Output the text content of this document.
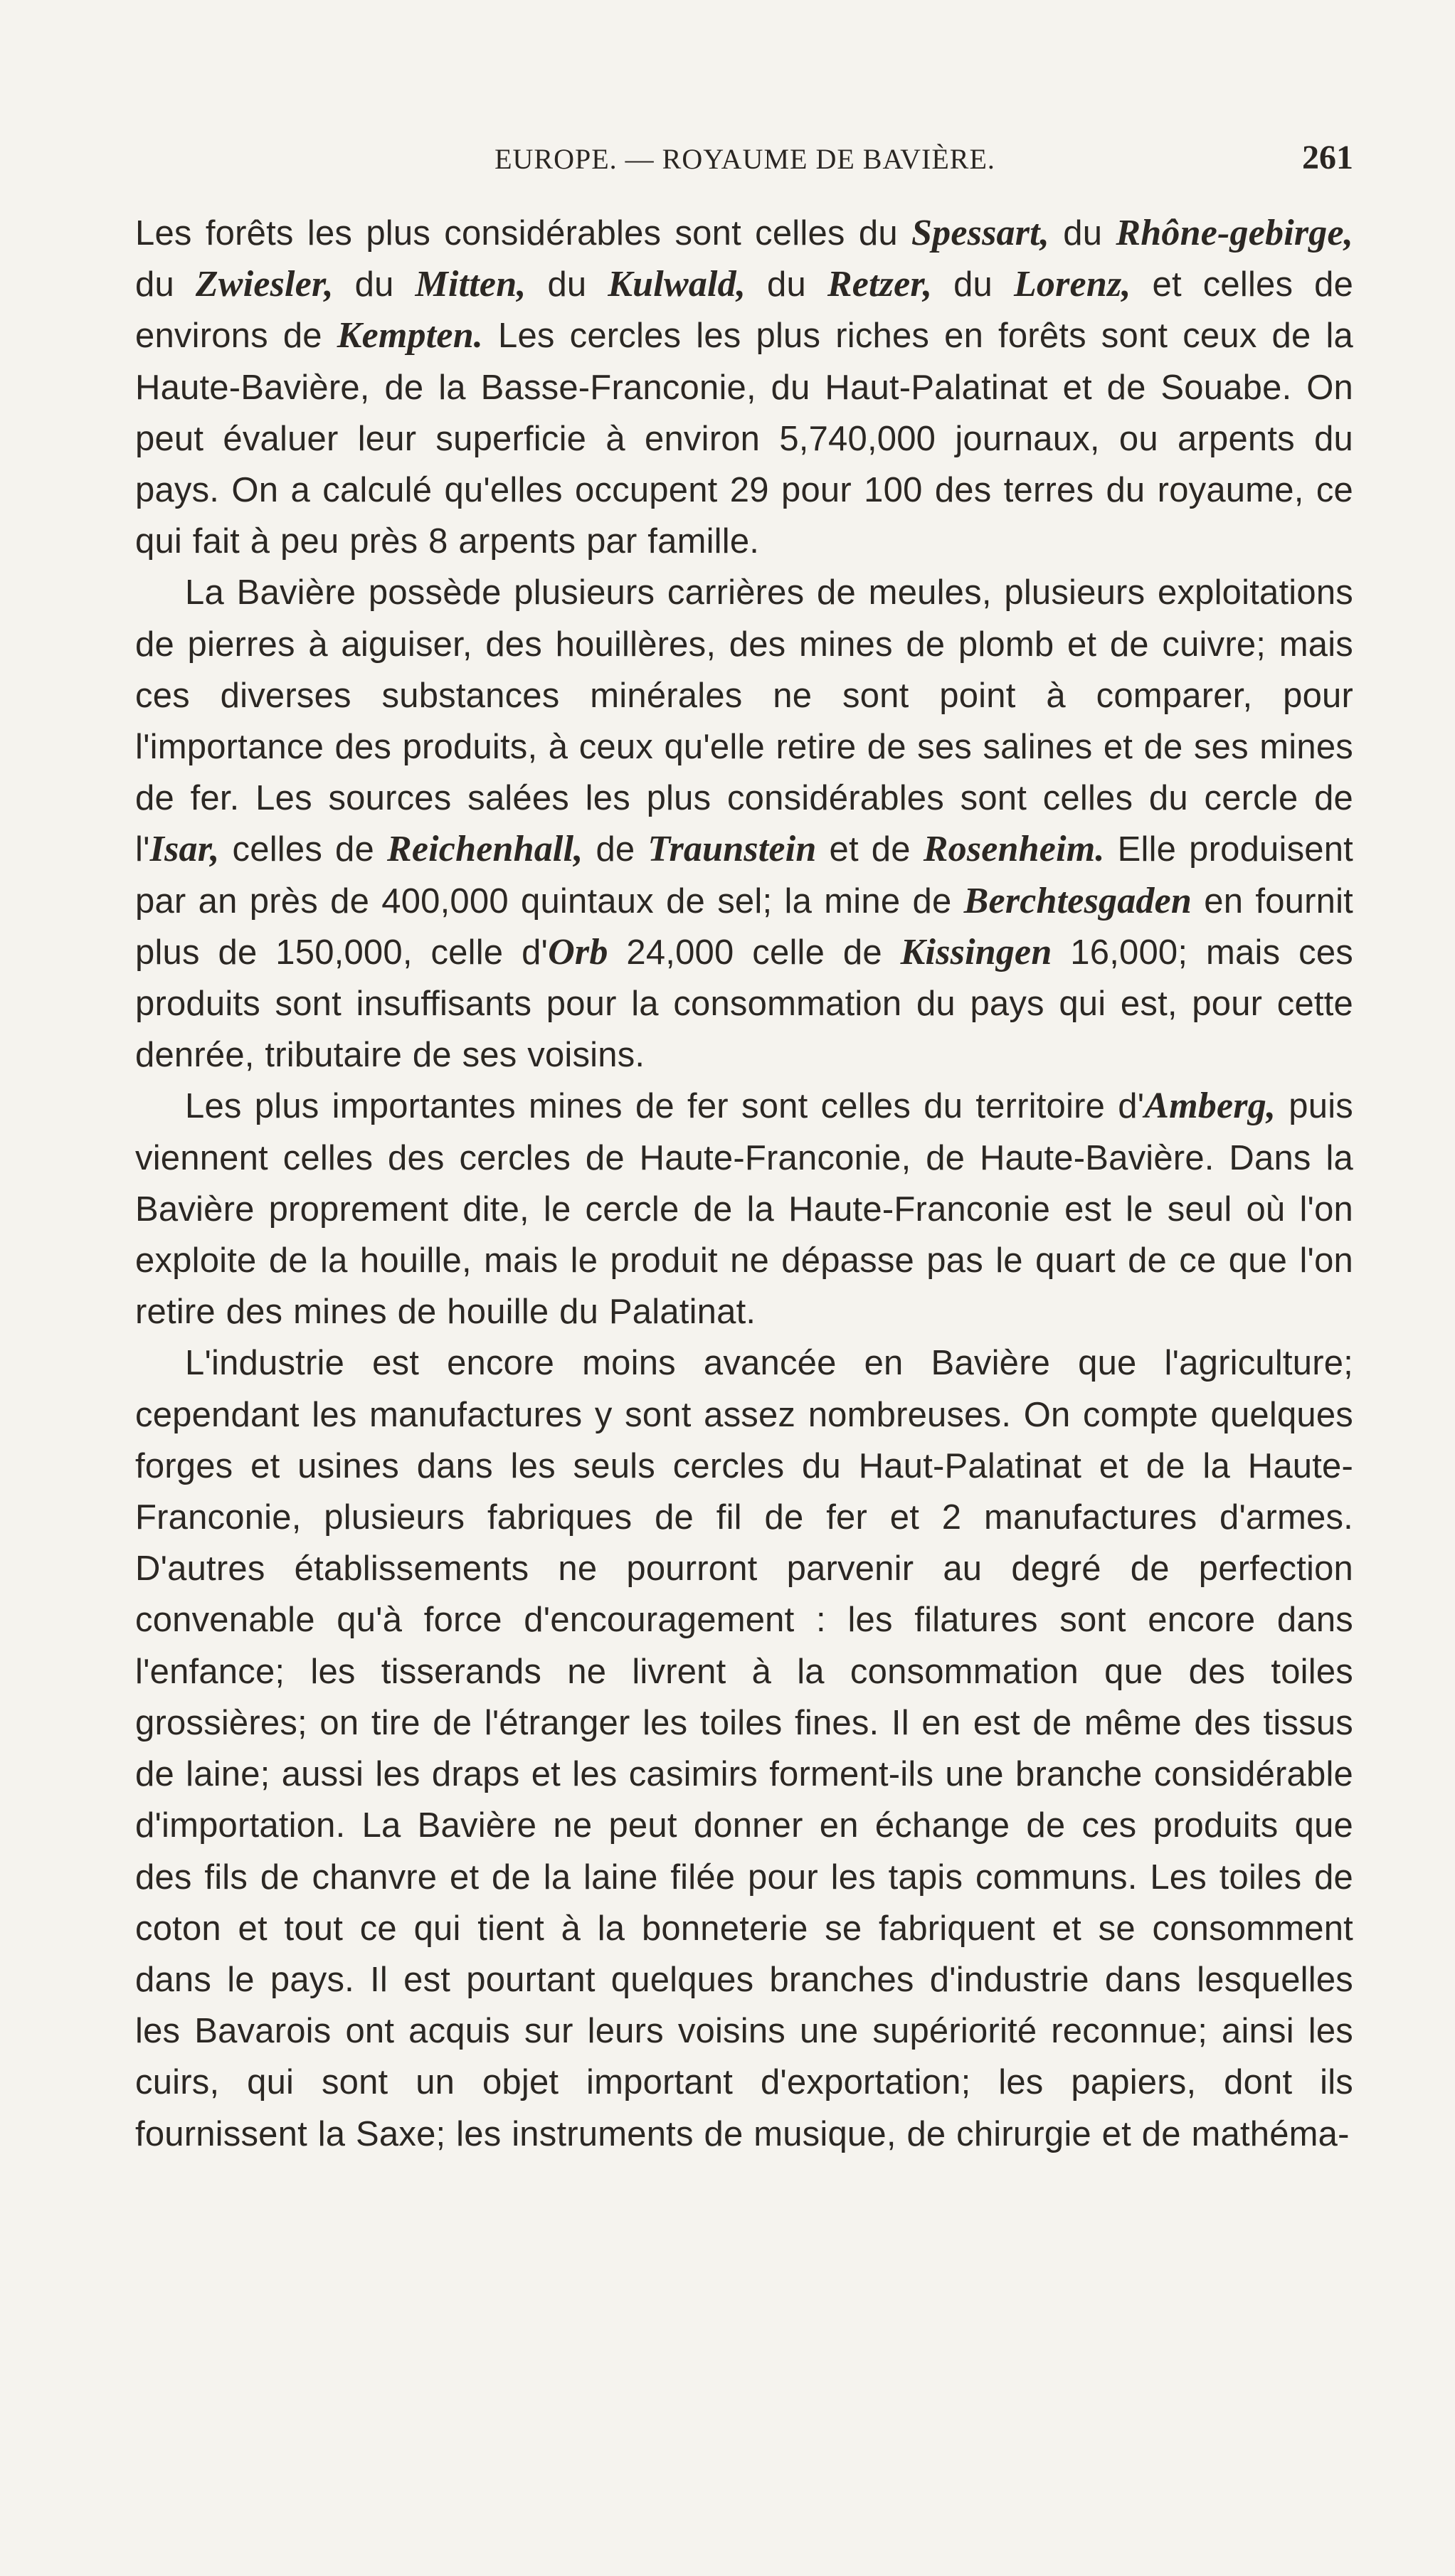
EUROPE. — ROYAUME DE BAVIÈRE.	261

Les forêts les plus considérables sont celles du Spessart, du Rhône-gebirge, du Zwiesler, du Mitten, du Kulwald, du Retzer, du Lorenz, et celles de environs de Kempten. Les cercles les plus riches en forêts sont ceux de la Haute-Bavière, de la Basse-Franconie, du Haut-Palatinat et de Souabe. On peut évaluer leur superficie à environ 5,740,000 journaux, ou arpents du pays. On a calculé qu'elles occupent 29 pour 100 des terres du royaume, ce qui fait à peu près 8 arpents par famille.

La Bavière possède plusieurs carrières de meules, plusieurs exploitations de pierres à aiguiser, des houillères, des mines de plomb et de cuivre; mais ces diverses substances minérales ne sont point à comparer, pour l'importance des produits, à ceux qu'elle retire de ses salines et de ses mines de fer. Les sources salées les plus considérables sont celles du cercle de l'Isar, celles de Reichenhall, de Traunstein et de Rosenheim. Elle produisent par an près de 400,000 quintaux de sel; la mine de Berchtesgaden en fournit plus de 150,000, celle d'Orb 24,000 celle de Kissingen 16,000; mais ces produits sont insuffisants pour la consommation du pays qui est, pour cette denrée, tributaire de ses voisins.

Les plus importantes mines de fer sont celles du territoire d'Amberg, puis viennent celles des cercles de Haute-Franconie, de Haute-Bavière. Dans la Bavière proprement dite, le cercle de la Haute-Franconie est le seul où l'on exploite de la houille, mais le produit ne dépasse pas le quart de ce que l'on retire des mines de houille du Palatinat.

L'industrie est encore moins avancée en Bavière que l'agriculture; cependant les manufactures y sont assez nombreuses. On compte quelques forges et usines dans les seuls cercles du Haut-Palatinat et de la Haute-Franconie, plusieurs fabriques de fil de fer et 2 manufactures d'armes. D'autres établissements ne pourront parvenir au degré de perfection convenable qu'à force d'encouragement : les filatures sont encore dans l'enfance; les tisserands ne livrent à la consommation que des toiles grossières; on tire de l'étranger les toiles fines. Il en est de même des tissus de laine; aussi les draps et les casimirs forment-ils une branche considérable d'importation. La Bavière ne peut donner en échange de ces produits que des fils de chanvre et de la laine filée pour les tapis communs. Les toiles de coton et tout ce qui tient à la bonneterie se fabriquent et se consomment dans le pays. Il est pourtant quelques branches d'industrie dans lesquelles les Bavarois ont acquis sur leurs voisins une supériorité reconnue; ainsi les cuirs, qui sont un objet important d'exportation; les papiers, dont ils fournissent la Saxe; les instruments de musique, de chirurgie et de mathéma-
